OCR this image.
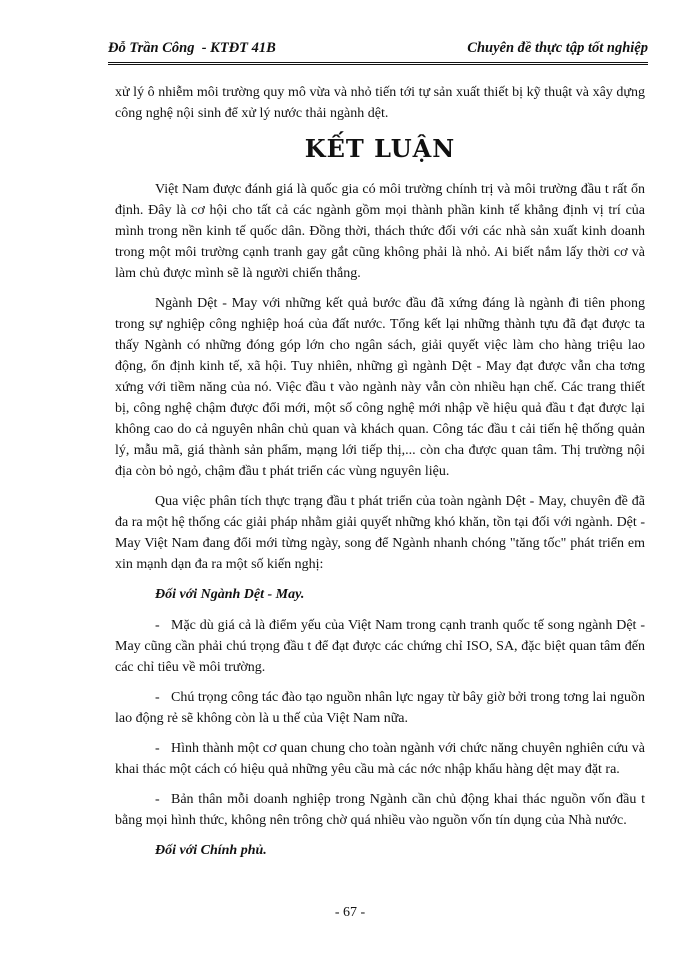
Đỗ Trần Công  - KTĐT 41B	Chuyên đề thực tập tốt nghiệp

xử lý ô nhiễm môi trường quy mô vừa và nhỏ tiến tới tự sản xuất thiết bị kỹ thuật và xây dựng công nghệ nội sinh để xử lý nước thải ngành dệt.

KẾT LUẬN

Việt Nam được đánh giá là quốc gia có môi trường chính trị và môi trường đầu t rất ổn định. Đây là cơ hội cho tất cả các ngành gồm mọi thành phần kinh tế khẳng định vị trí của mình trong nền kinh tế quốc dân. Đồng thời, thách thức đối với các nhà sản xuất kinh doanh trong một môi trường cạnh tranh gay gắt cũng không phải là nhỏ. Ai biết nắm lấy thời cơ và làm chủ được mình sẽ là người chiến thắng.

Ngành Dệt - May với những kết quả bước đầu đã xứng đáng là ngành đi tiên phong trong sự nghiệp công nghiệp hoá của đất nước. Tổng kết lại những thành tựu đã đạt được ta thấy Ngành có những đóng góp lớn cho ngân sách, giải quyết việc làm cho hàng triệu lao động, ổn định kinh tế, xã hội. Tuy nhiên, những gì ngành Dệt - May đạt được vẫn cha tơng xứng với tiềm năng của nó. Việc đầu t vào ngành này vẫn còn nhiều hạn chế. Các trang thiết bị, công nghệ chậm được đổi mới, một số công nghệ mới nhập về hiệu quả đầu t đạt được lại không cao do cả nguyên nhân chủ quan và khách quan. Công tác đầu t cải tiến hệ thống quản lý, mẫu mã, giá thành sản phẩm, mạng lới tiếp thị,... còn cha được quan tâm. Thị trường nội địa còn bỏ ngỏ, chậm đầu t phát triển các vùng nguyên liệu.

Qua việc phân tích thực trạng đầu t phát triển của toàn ngành Dệt - May, chuyên đề đã đa ra một hệ thống các giải pháp nhằm giải quyết những khó khăn, tồn tại đối với ngành. Dệt - May Việt Nam đang đổi mới từng ngày, song để Ngành nhanh chóng "tăng tốc" phát triển em xin mạnh dạn đa ra một số kiến nghị:

Đối với Ngành Dệt - May.

- Mặc dù giá cả là điểm yếu của Việt Nam trong cạnh tranh quốc tế song ngành Dệt - May cũng cần phải chú trọng đầu t để đạt được các chứng chỉ ISO, SA, đặc biệt quan tâm đến các chỉ tiêu về môi trường.

- Chú trọng công tác đào tạo nguồn nhân lực ngay từ bây giờ bởi trong tơng lai nguồn lao động rẻ sẽ không còn là u thế của Việt Nam nữa.

- Hình thành một cơ quan chung cho toàn ngành với chức năng chuyên nghiên cứu và khai thác một cách có hiệu quả những yêu cầu mà các nớc nhập khẩu hàng dệt may đặt ra.

- Bản thân mỗi doanh nghiệp trong Ngành cần chủ động khai thác nguồn vốn đầu t bằng mọi hình thức, không nên trông chờ quá nhiều vào nguồn vốn tín dụng của Nhà nước.

Đối với Chính phủ.

- 67 -
